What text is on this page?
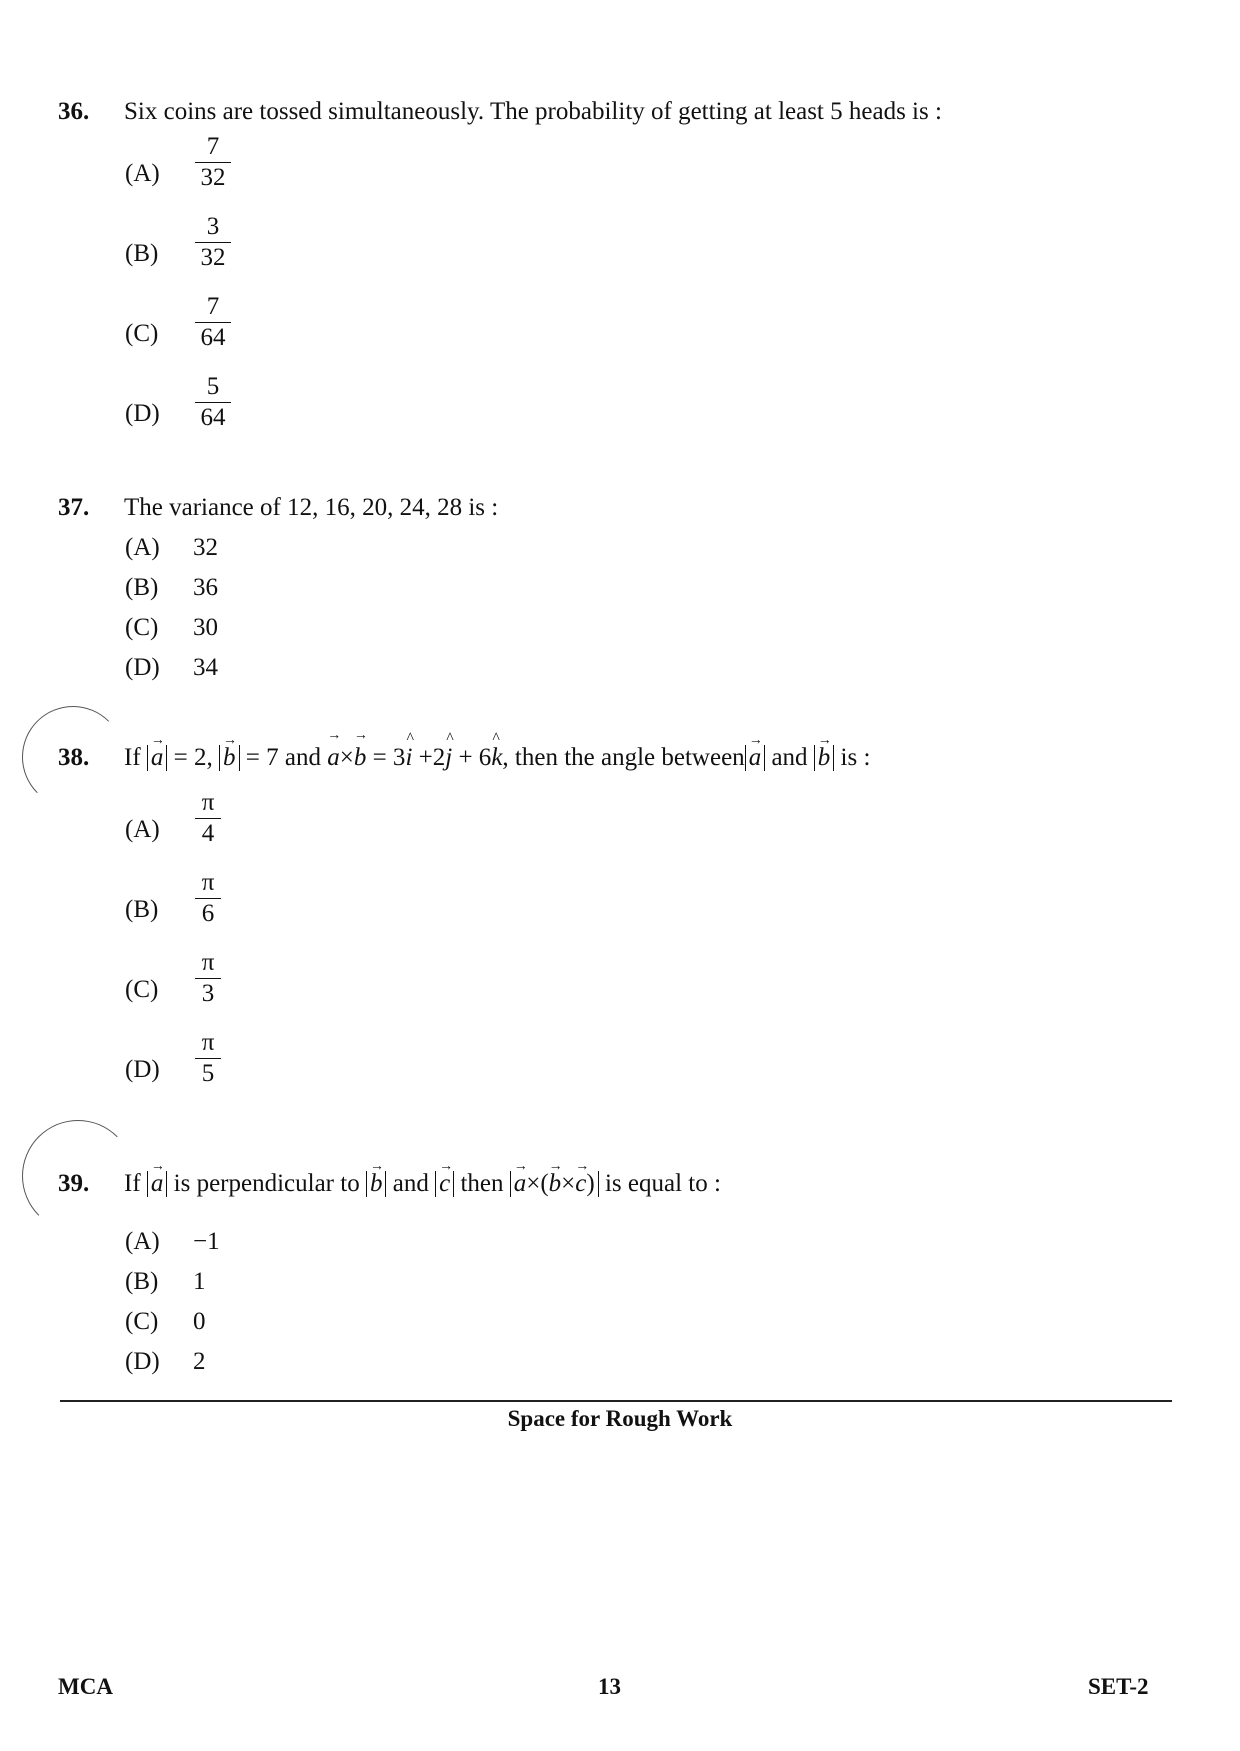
36. Six coins are tossed simultaneously. The probability of getting at least 5 heads is :
$(A) \frac{7}{32}$
$(B) \frac{3}{32}$
$(C) \frac{7}{64}$
$(D) \frac{5}{64}$
37. The variance of 12, 16, 20, 24, 28 is :
(A) 32
(B) 36
(C) 30
(D) 34
38. If → a = 2, → b = 7 and → a×→ b = 3^ i +2^ j + 6^ k, then the angle between → a and → b is :
$(A) \frac{\pi}{4}$
$(B) \frac{\pi}{6}$
$(C) \frac{\pi}{3}$
$(D) \frac{\pi}{5}$
39. If → a is perpendicular to → b and → c then → a×(→ b×→ c) is equal to :
(A) −1
(B) 1
(C) 0
(D) 2
Space for Rough Work
MCA	13	SET-2
